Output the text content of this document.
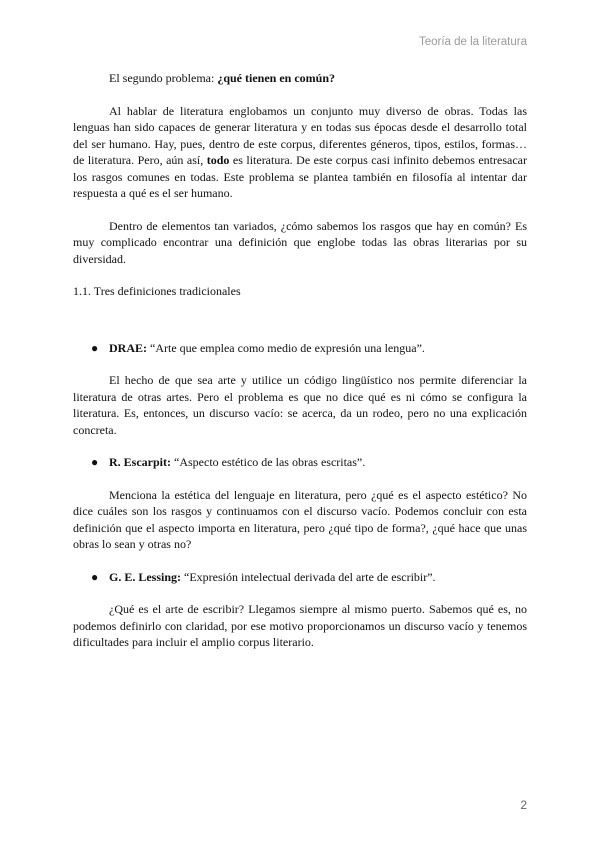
Teoría de la literatura

El segundo problema: ¿qué tienen en común?

Al hablar de literatura englobamos un conjunto muy diverso de obras. Todas las lenguas han sido capaces de generar literatura y en todas sus épocas desde el desarrollo total del ser humano. Hay, pues, dentro de este corpus, diferentes géneros, tipos, estilos, formas… de literatura. Pero, aún así, todo es literatura. De este corpus casi infinito debemos entresacar los rasgos comunes en todas. Este problema se plantea también en filosofía al intentar dar respuesta a qué es el ser humano.

Dentro de elementos tan variados, ¿cómo sabemos los rasgos que hay en común? Es muy complicado encontrar una definición que englobe todas las obras literarias por su diversidad.

1.1. Tres definiciones tradicionales

● DRAE: “Arte que emplea como medio de expresión una lengua”.

El hecho de que sea arte y utilice un código lingüístico nos permite diferenciar la literatura de otras artes. Pero el problema es que no dice qué es ni cómo se configura la literatura. Es, entonces, un discurso vacío: se acerca, da un rodeo, pero no una explicación concreta.

● R. Escarpit: “Aspecto estético de las obras escritas”.

Menciona la estética del lenguaje en literatura, pero ¿qué es el aspecto estético? No dice cuáles son los rasgos y continuamos con el discurso vacío. Podemos concluir con esta definición que el aspecto importa en literatura, pero ¿qué tipo de forma?, ¿qué hace que unas obras lo sean y otras no?

● G. E. Lessing: “Expresión intelectual derivada del arte de escribir”.

¿Qué es el arte de escribir? Llegamos siempre al mismo puerto. Sabemos qué es, no podemos definirlo con claridad, por ese motivo proporcionamos un discurso vacío y tenemos dificultades para incluir el amplio corpus literario.

2
